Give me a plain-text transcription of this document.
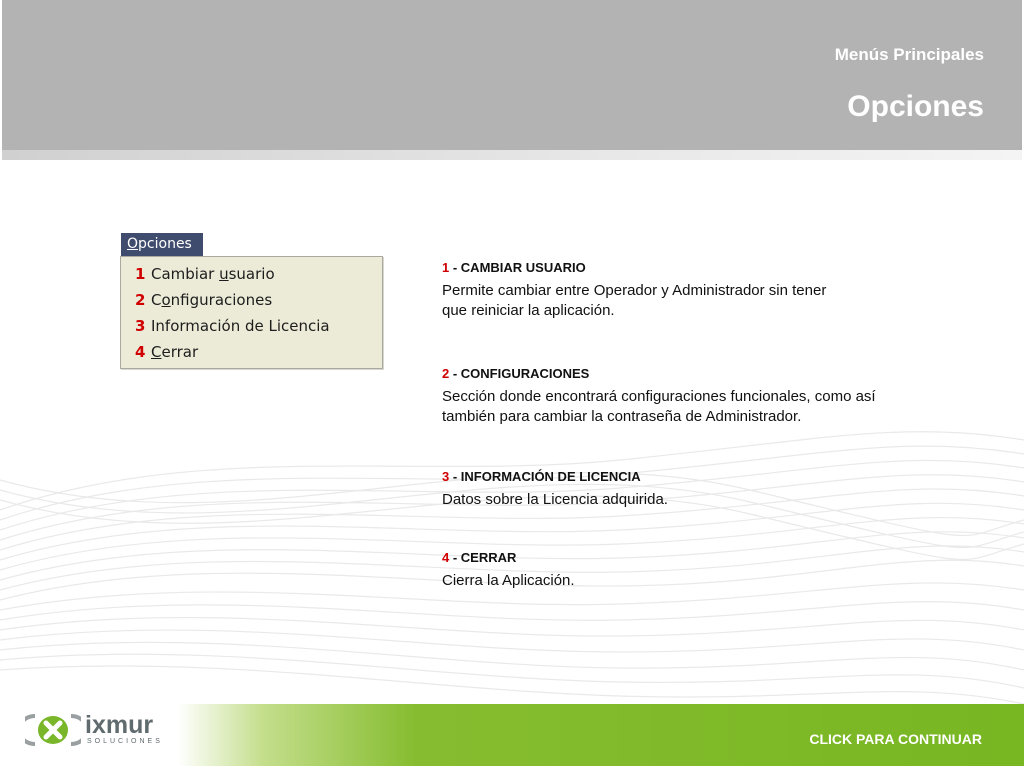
Menús Principales
Opciones
Opciones
1 Cambiar usuario
2 Configuraciones
3 Información de Licencia
4 Cerrar
1 - CAMBIAR USUARIO
Permite cambiar entre Operador y Administrador sin tener
que reiniciar la aplicación.
2 - CONFIGURACIONES
Sección donde encontrará configuraciones funcionales, como así
también para cambiar la contraseña de Administrador.
3 - INFORMACIÓN DE LICENCIA
Datos sobre la Licencia adquirida.
4 - CERRAR
Cierra la Aplicación.
CLICK PARA CONTINUAR
ixmur
SOLUCIONES
